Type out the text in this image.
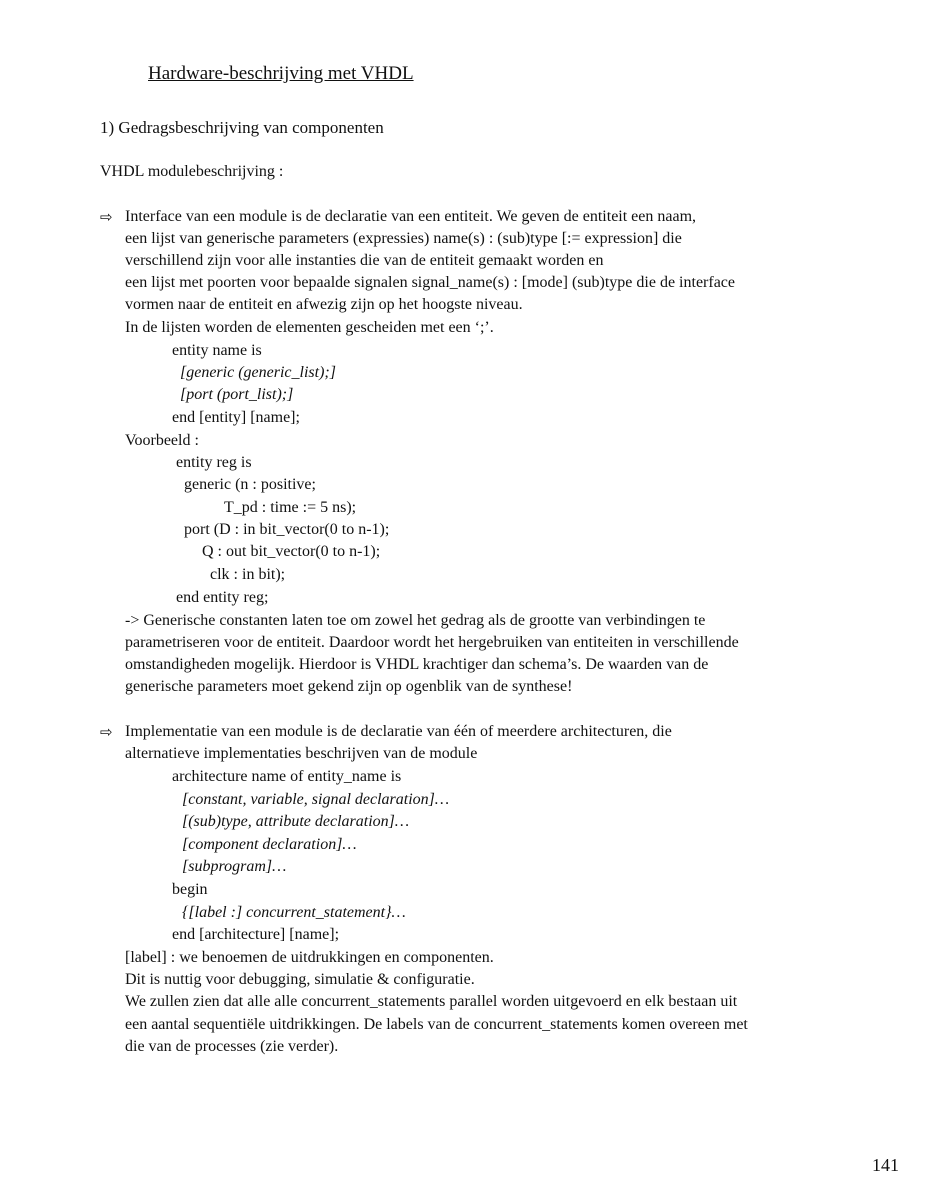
Hardware-beschrijving met VHDL
1) Gedragsbeschrijving van componenten
VHDL modulebeschrijving :
⇨ Interface van een module is de declaratie van een entiteit. We geven de entiteit een naam,
een lijst van generische parameters (expressies) name(s) : (sub)type [:= expression] die
verschillend zijn voor alle instanties die van de entiteit gemaakt worden en
een lijst met poorten voor bepaalde signalen signal_name(s) : [mode] (sub)type die de interface
vormen naar de entiteit en afwezig zijn op het hoogste niveau.
In de lijsten worden de elementen gescheiden met een ‘;’.
entity name is
[generic (generic_list);]
[port (port_list);]
end [entity] [name];
Voorbeeld :
entity reg is
generic (n : positive;
T_pd : time := 5 ns);
port (D : in bit_vector(0 to n-1);
Q : out bit_vector(0 to n-1);
clk : in bit);
end entity reg;
-> Generische constanten laten toe om zowel het gedrag als de grootte van verbindingen te
parametriseren voor de entiteit. Daardoor wordt het hergebruiken van entiteiten in verschillende
omstandigheden mogelijk. Hierdoor is VHDL krachtiger dan schema’s. De waarden van de
generische parameters moet gekend zijn op ogenblik van de synthese!
⇨ Implementatie van een module is de declaratie van één of meerdere architecturen, die
alternatieve implementaties beschrijven van de module
architecture name of entity_name is
[constant, variable, signal declaration]…
[(sub)type, attribute declaration]…
[component declaration]…
[subprogram]…
begin
{[label :] concurrent_statement}…
end [architecture] [name];
[label] : we benoemen de uitdrukkingen en componenten.
Dit is nuttig voor debugging, simulatie & configuratie.
We zullen zien dat alle alle concurrent_statements parallel worden uitgevoerd en elk bestaan uit
een aantal sequentiële uitdrikkingen. De labels van de concurrent_statements komen overeen met
die van de processes (zie verder).
141
